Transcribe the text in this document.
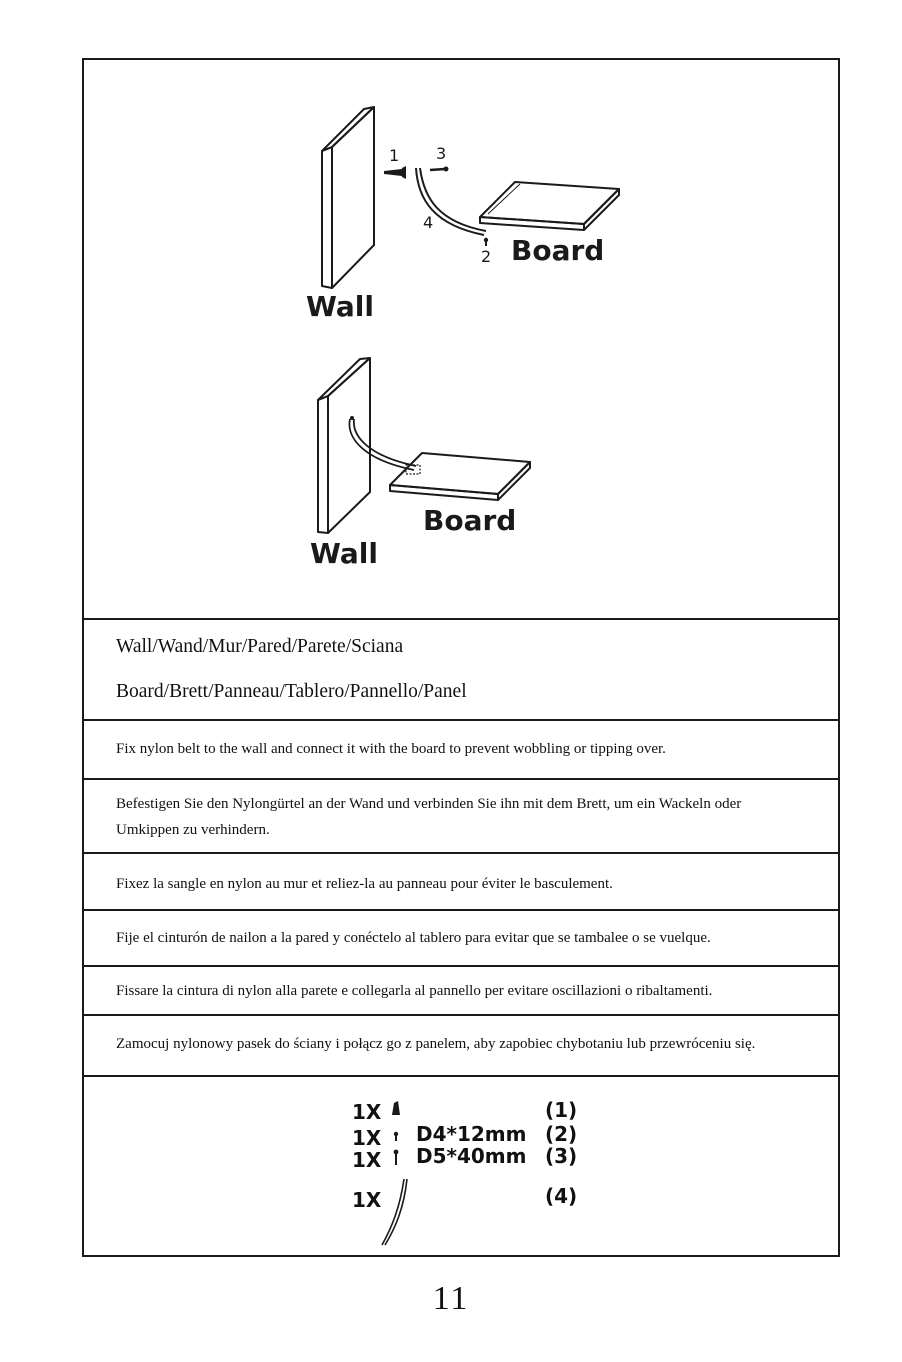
1 3
4
2 Board
Wall
Board
Wall
Wall/Wand/Mur/Pared/Parete/Sciana
Board/Brett/Panneau/Tablero/Pannello/Panel
Fix nylon belt to the wall and connect it with the board to prevent wobbling or tipping over.
Befestigen Sie den Nylongürtel an der Wand und verbinden Sie ihn mit dem Brett, um ein Wackeln oder
Umkippen zu verhindern.
Fixez la sangle en nylon au mur et reliez-la au panneau pour éviter le basculement.
Fije el cinturón de nailon a la pared y conéctelo al tablero para evitar que se tambalee o se vuelque.
Fissare la cintura di nylon alla parete e collegarla al pannello per evitare oscillazioni o ribaltamenti.
Zamocuj nylonowy pasek do ściany i połącz go z panelem, aby zapobiec chybotaniu lub przewróceniu się.
1X	(1)
1X D4*12mm (2)
1X D5*40mm (3)
1X	(4)
11
